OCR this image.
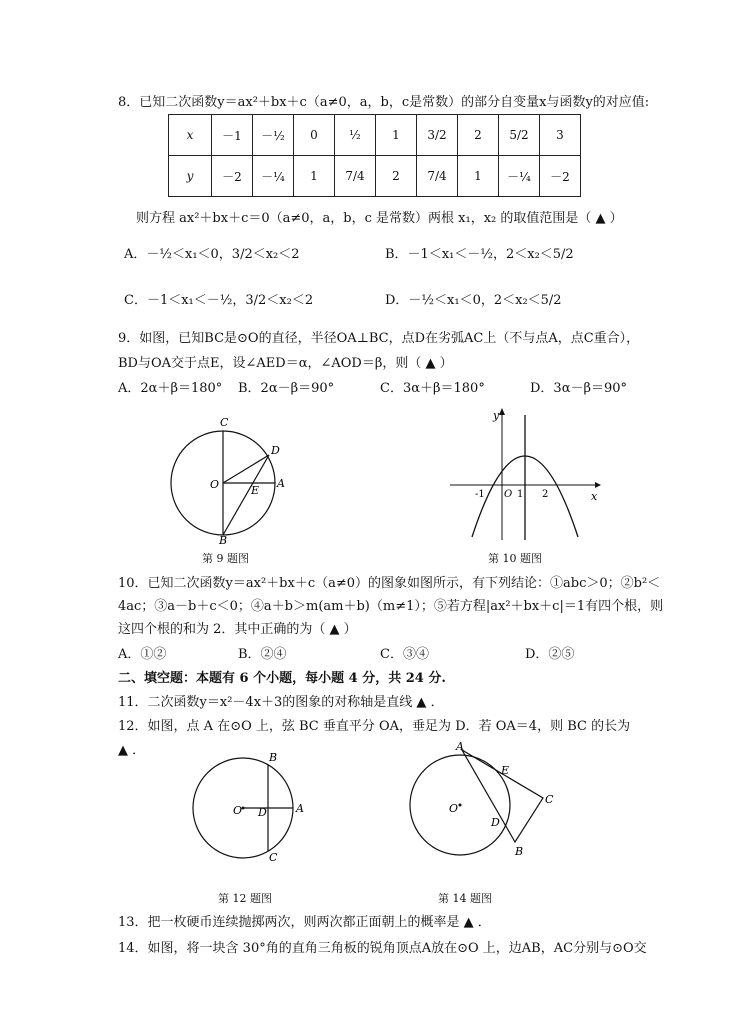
8．已知二次函数y＝ax²＋bx＋c（a≠0，a，b，c是常数）的部分自变量x与函数y的对应值:
x	－1	－½	0	½	1	3/2	2	5/2	3
y	－2	－¼	1	7/4	2	7/4	1	－¼	－2
则方程 ax²＋bx＋c＝0（a≠0，a，b，c 是常数）两根 x₁，x₂ 的取值范围是（ ▲ ）
A．－½＜x₁＜0，3/2＜x₂＜2	B．－1＜x₁＜－½，2＜x₂＜5/2
C．－1＜x₁＜－½，3/2＜x₂＜2	D．－½＜x₁＜0，2＜x₂＜5/2
9．如图，已知BC是⊙O的直径，半径OA⊥BC，点D在劣弧AC上（不与点A，点C重合），
BD与OA交于点E，设∠AED＝α，∠AOD＝β，则（ ▲ ）
A．2α＋β＝180° B．2α－β＝90°	C．3α＋β＝180°	D．3α－β＝90°
C
D
O	E
A
B
第 9 题图
y
x
-1 O 1 2
第 10 题图
10．已知二次函数y＝ax²＋bx＋c（a≠0）的图象如图所示，有下列结论：①abc＞0；②b²＜
4ac；③a－b＋c＜0；④a＋b＞m(am＋b)（m≠1）；⑤若方程|ax²＋bx＋c|＝1有四个根，则
这四个根的和为 2．其中正确的为（ ▲ ）
A．①②	B．②④	C．③④	D．②⑤
二、填空题：本题有 6 个小题，每小题 4 分，共 24 分.
11．二次函数y＝x²－4x＋3的图象的对称轴是直线 ▲ ．
12．如图，点 A 在⊙O 上，弦 BC 垂直平分 OA，垂足为 D．若 OA＝4，则 BC 的长为
▲ ．
O D	A
B
C
第 12 题图
A
E
C
O
D
B
第 14 题图
13．把一枚硬币连续抛掷两次，则两次都正面朝上的概率是 ▲ ．
14．如图，将一块含 30°角的直角三角板的锐角顶点A放在⊙O 上，边AB，AC分别与⊙O交
